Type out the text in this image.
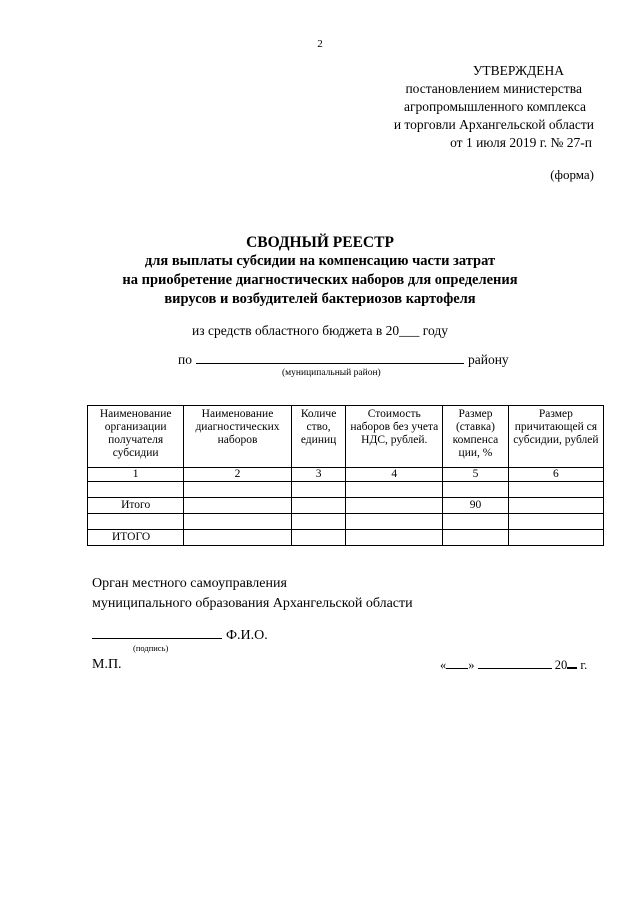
2
УТВЕРЖДЕНА
постановлением министерства
агропромышленного комплекса
и торговли Архангельской области
от 1 июля 2019 г. № 27-п
(форма)
СВОДНЫЙ РЕЕСТР
для выплаты субсидии на компенсацию части затрат
на приобретение диагностических наборов для определения
вирусов и возбудителей бактериозов картофеля
из средств областного бюджета в 20___ году
по	району
(муниципальный район)
Наименование организации получателя субсидии	Наименование диагностических наборов	Количе ство, единиц	Стоимость наборов без учета НДС, рублей.	Размер (ставка) компенса ции, %	Размер причитающей ся субсидии, рублей
1	2	3	4	5	6

Итого				90	

ИТОГО					
Орган местного самоуправления
муниципального образования Архангельской области
Ф.И.О.
(подпись)
М.П.	« »	20 г.
